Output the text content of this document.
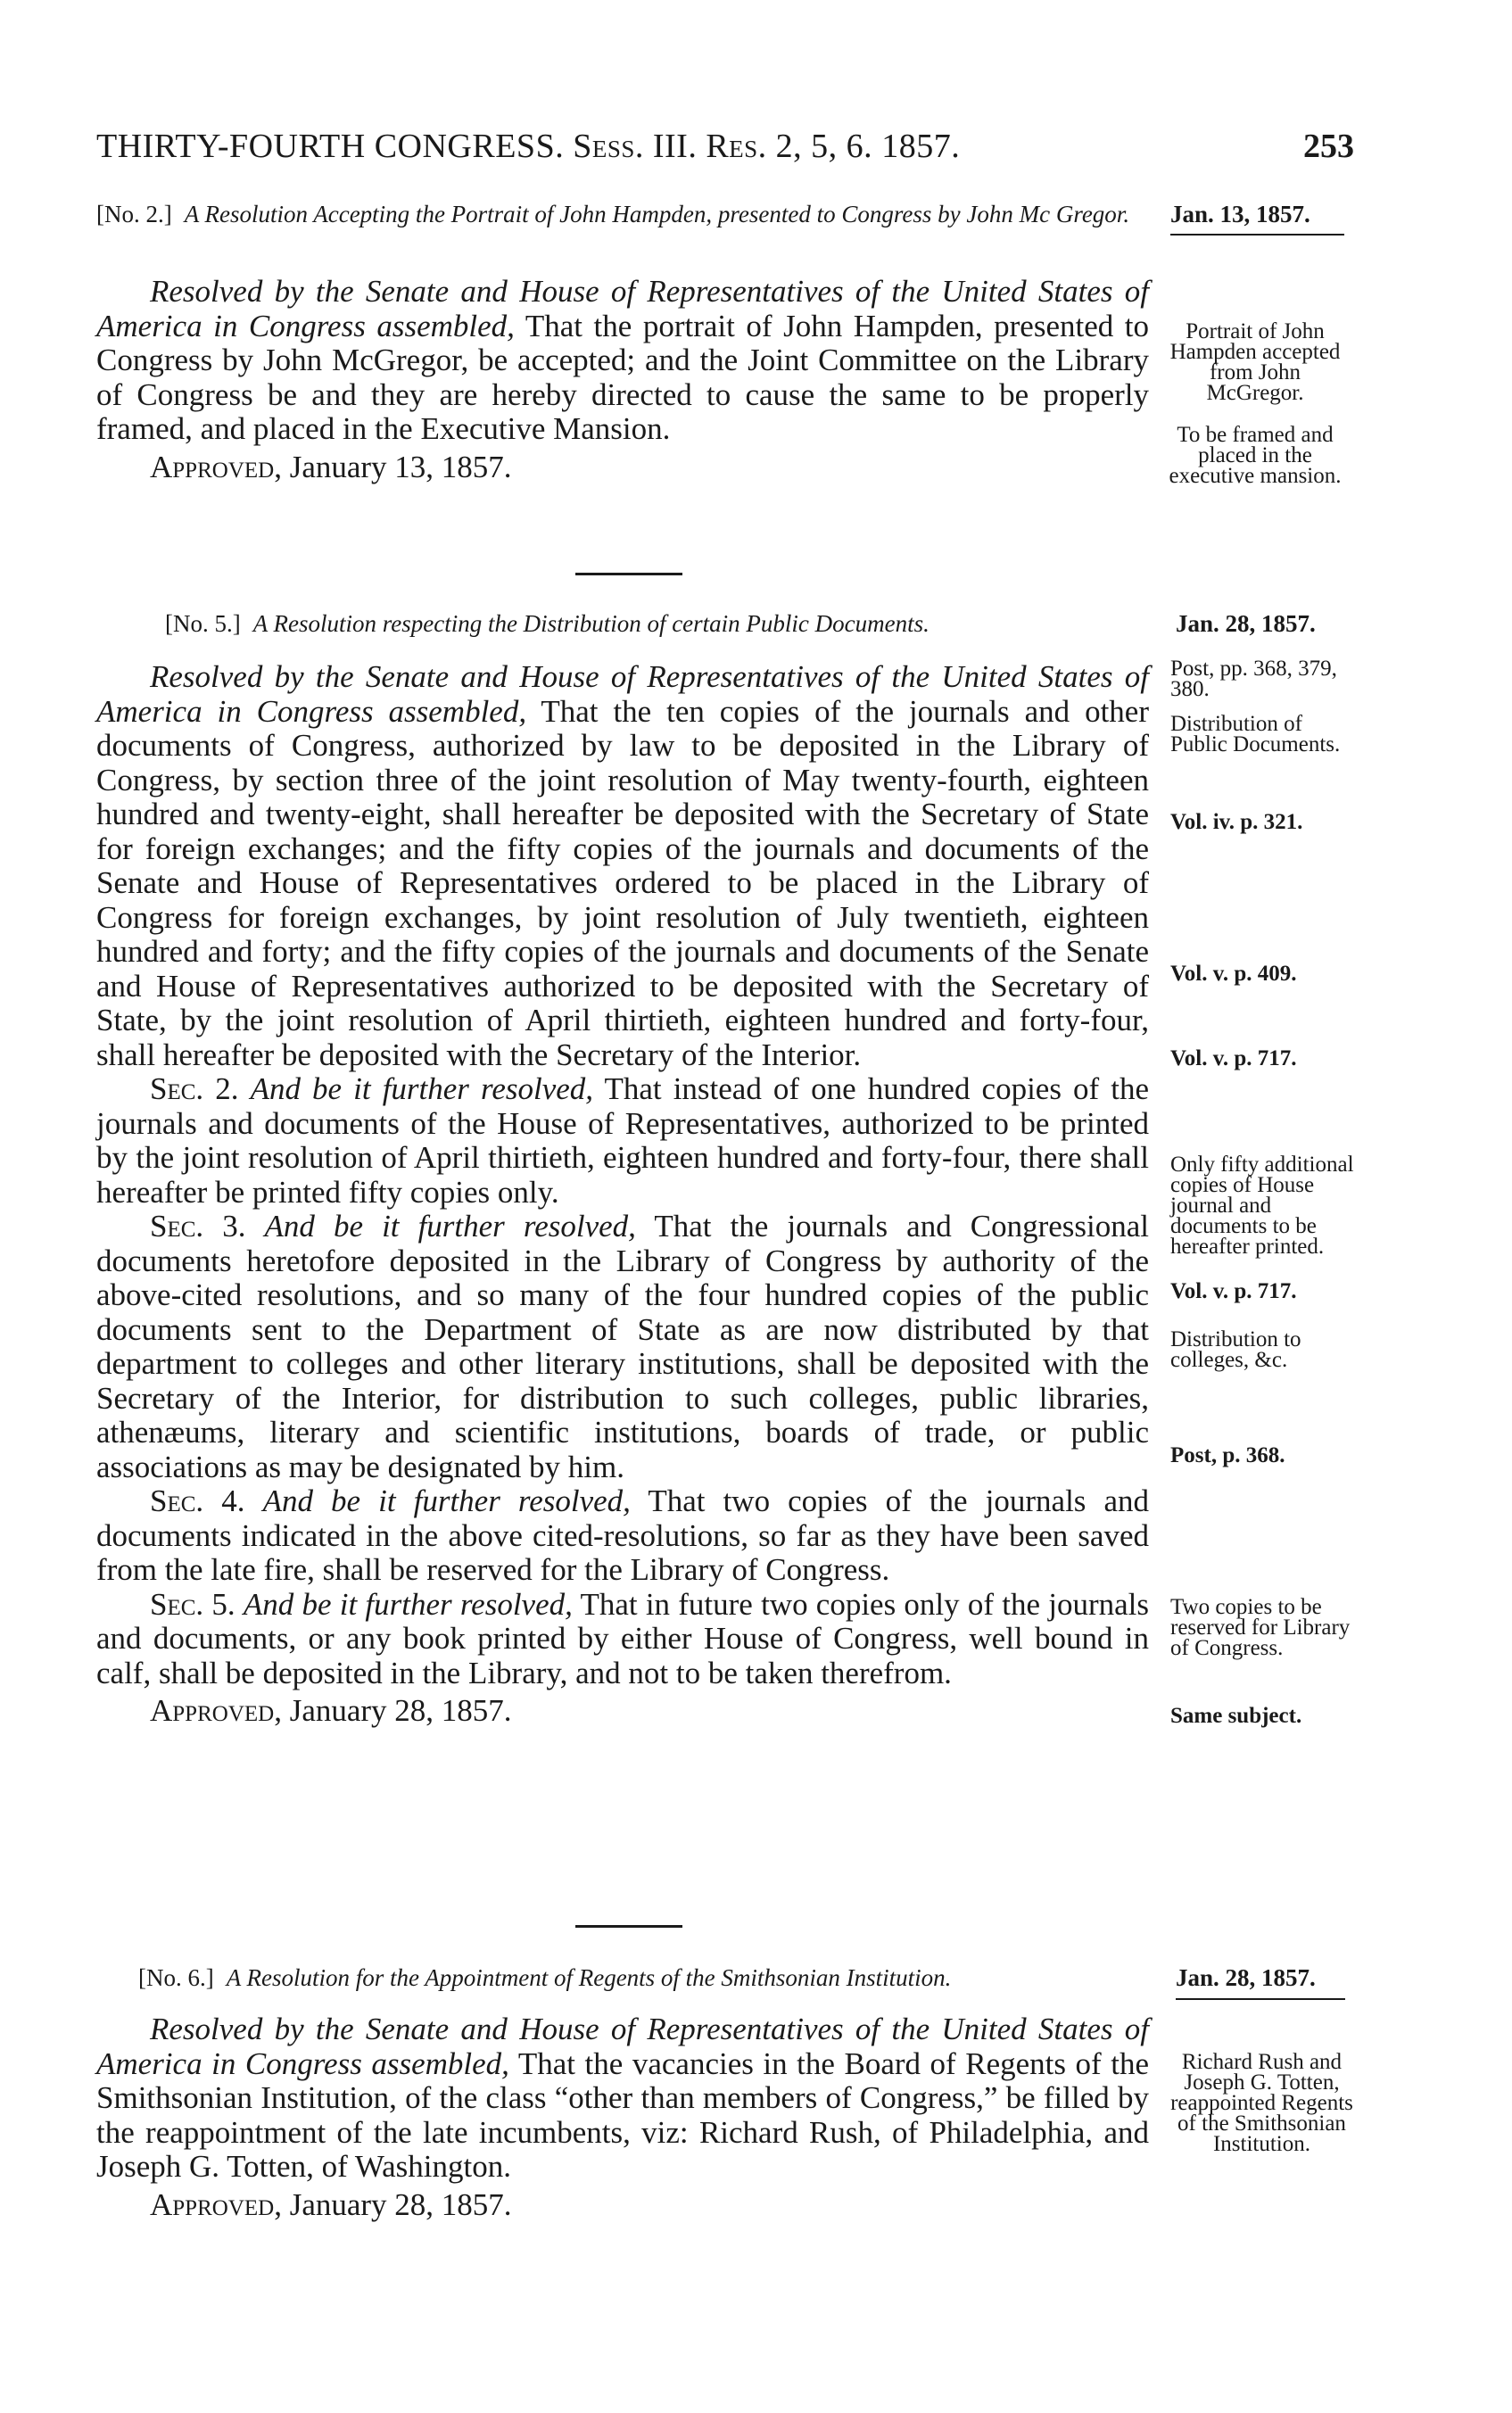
THIRTY-FOURTH CONGRESS. Sess. III. Res. 2, 5, 6. 1857.	253
[No. 2.] A Resolution Accepting the Portrait of John Hampden, presented to Congress by John Mc Gregor.	Jan. 13, 1857.

Resolved by the Senate and House of Representatives of the United States of America in Congress assembled, That the portrait of John Hampden, presented to Congress by John McGregor, be accepted; and the Joint Committee on the Library of Congress be and they are hereby directed to cause the same to be properly framed, and placed in the Executive Mansion.

Approved, January 13, 1857.

Portrait of John Hampden accepted from John McGregor.
To be framed and placed in the executive mansion.
[No. 5.] A Resolution respecting the Distribution of certain Public Documents.	Jan. 28, 1857.

Resolved by the Senate and House of Representatives of the United States of America in Congress assembled, That the ten copies of the journals and other documents of Congress, authorized by law to be deposited in the Library of Congress, by section three of the joint resolution of May twenty-fourth, eighteen hundred and twenty-eight, shall hereafter be deposited with the Secretary of State for foreign exchanges; and the fifty copies of the journals and documents of the Senate and House of Representatives ordered to be placed in the Library of Congress for foreign exchanges, by joint resolution of July twentieth, eighteen hundred and forty; and the fifty copies of the journals and documents of the Senate and House of Representatives authorized to be deposited with the Secretary of State, by the joint resolution of April thirtieth, eighteen hundred and forty-four, shall hereafter be deposited with the Secretary of the Interior.

Sec. 2. And be it further resolved, That instead of one hundred copies of the journals and documents of the House of Representatives, authorized to be printed by the joint resolution of April thirtieth, eighteen hundred and forty-four, there shall hereafter be printed fifty copies only.

Sec. 3. And be it further resolved, That the journals and Congressional documents heretofore deposited in the Library of Congress by authority of the above-cited resolutions, and so many of the four hundred copies of the public documents sent to the Department of State as are now distributed by that department to colleges and other literary institutions, shall be deposited with the Secretary of the Interior, for distribution to such colleges, public libraries, athenæums, literary and scientific institutions, boards of trade, or public associations as may be designated by him.

Sec. 4. And be it further resolved, That two copies of the journals and documents indicated in the above cited-resolutions, so far as they have been saved from the late fire, shall be reserved for the Library of Congress.

Sec. 5. And be it further resolved, That in future two copies only of the journals and documents, or any book printed by either House of Congress, well bound in calf, shall be deposited in the Library, and not to be taken therefrom.

Approved, January 28, 1857.

Post, pp. 368, 379, 380.
Distribution of Public Documents.
Vol. iv. p. 321.
Vol. v. p. 409.
Vol. v. p. 717.
Only fifty additional copies of House journal and documents to be hereafter printed.
Vol. v. p. 717.
Distribution to colleges, &c.
Post, p. 368.
Two copies to be reserved for Library of Congress.
Same subject.
[No. 6.] A Resolution for the Appointment of Regents of the Smithsonian Institution.	Jan. 28, 1857.

Resolved by the Senate and House of Representatives of the United States of America in Congress assembled, That the vacancies in the Board of Regents of the Smithsonian Institution, of the class “other than members of Congress,” be filled by the reappointment of the late incumbents, viz: Richard Rush, of Philadelphia, and Joseph G. Totten, of Washington.

Approved, January 28, 1857.

Richard Rush and Joseph G. Totten, reappointed Regents of the Smithsonian Institution.
